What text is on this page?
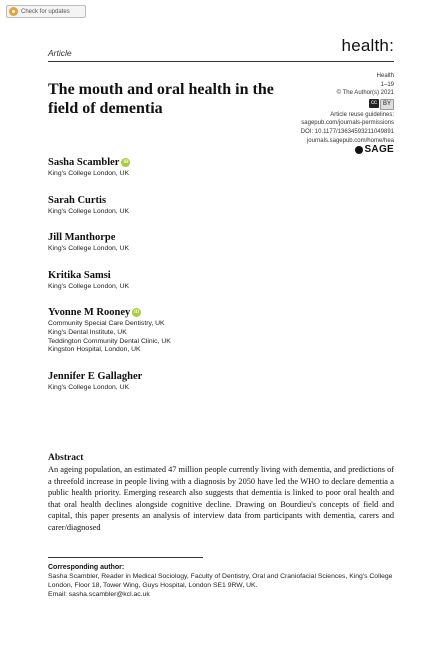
Check for updates
Article	health:
The mouth and oral health in the field of dementia
Health
1–19
© The Author(s) 2021
cc BY
Article reuse guidelines:
sagepub.com/journals-permissions
DOI: 10.1177/13634593211049891
journals.sagepub.com/home/hea
SAGE
Sasha Scambler iD
King's College London, UK
Sarah Curtis
King's College London, UK
Jill Manthorpe
King's College London, UK
Kritika Samsi
King's College London, UK
Yvonne M Rooney iD
Community Special Care Dentistry, UK
King's Dental Institute, UK
Teddington Community Dental Clinic, UK
Kingston Hospital, London, UK
Jennifer E Gallagher
King's College London, UK
Abstract

An ageing population, an estimated 47 million people currently living with dementia, and predictions of a threefold increase in people living with a diagnosis by 2050 have led the WHO to declare dementia a public health priority. Emerging research also suggests that dementia is linked to poor oral health and that oral health declines alongside cognitive decline. Drawing on Bourdieu's concepts of field and capital, this paper presents an analysis of interview data from participants with dementia, carers and carer/diagnosed

Corresponding author:

Sasha Scambler, Reader in Medical Sociology, Faculty of Dentistry, Oral and Craniofacial Sciences, King's College London, Floor 18, Tower Wing, Guys Hospital, London SE1 9RW, UK.

Email: sasha.scambler@kcl.ac.uk
